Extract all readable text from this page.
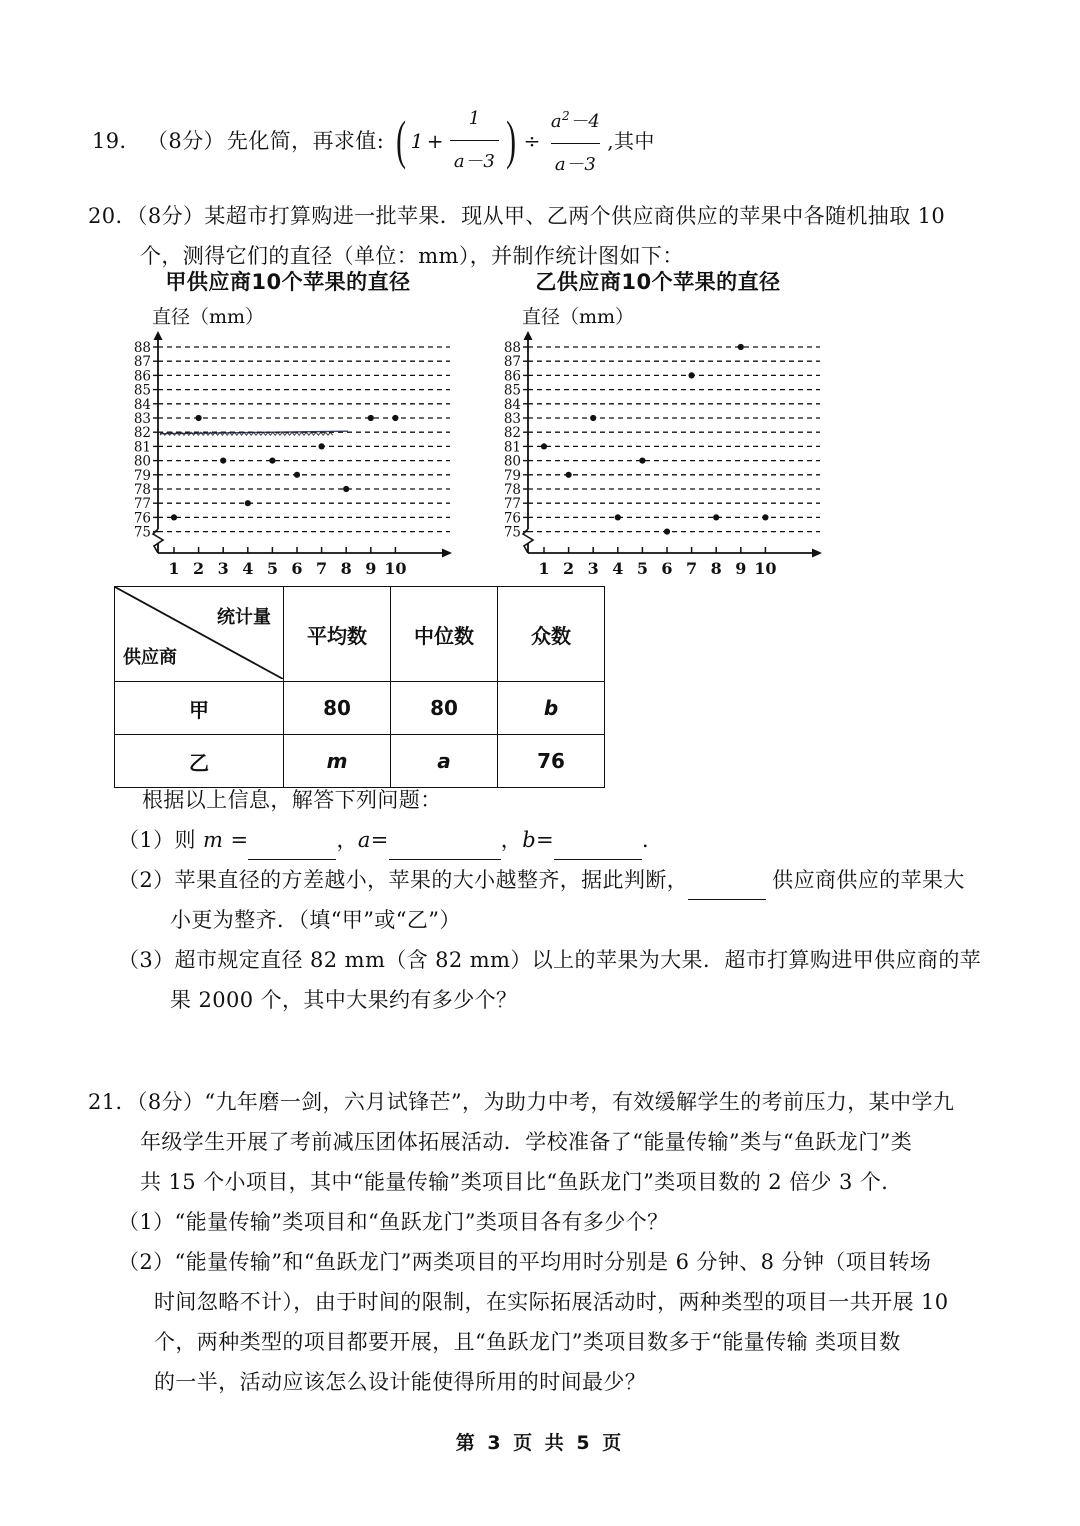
19． （8分） 先化简，再求值: ( $1 + \frac{1}{a-3}$ ) ÷ $\frac{a^2-4}{a-3}$ ,其中
20．（8分）某超市打算购进一批苹果．现从甲、乙两个供应商供应的苹果中各随机抽取 10
个，测得它们的直径（单位：mm），并制作统计图如下：
甲供应商10个苹果的直径
直径（mm）
88
87
86
85
84
83
82
81
80
79
78
77
76
75
1 2 3 4 5 6 7 8 9 10
乙供应商10个苹果的直径
直径（mm）
88
87
86
85
84
83
82
81
80
79
78
77
76
75
1 2 3 4 5 6 7 8 9 10
统计量
供应商	平均数	中位数	众数
甲	80	80	b
乙	m	a	76
根据以上信息，解答下列问题：
（1）则 m =	，a=	，b=	．
（2）苹果直径的方差越小，苹果的大小越整齐，据此判断，	供应商供应的苹果大
小更为整齐．（填“甲”或“乙”）
（3）超市规定直径 82 mm（含 82 mm）以上的苹果为大果．超市打算购进甲供应商的苹
果 2000 个，其中大果约有多少个？
21．（8分）“九年磨一剑，六月试锋芒”，为助力中考，有效缓解学生的考前压力，某中学九
年级学生开展了考前减压团体拓展活动．学校准备了“能量传输”类与“鱼跃龙门”类
共 15 个小项目，其中“能量传输”类项目比“鱼跃龙门”类项目数的 2 倍少 3 个．
（1）“能量传输”类项目和“鱼跃龙门”类项目各有多少个？
（2）“能量传输”和“鱼跃龙门”两类项目的平均用时分别是 6 分钟、8 分钟（项目转场
时间忽略不计），由于时间的限制，在实际拓展活动时，两种类型的项目一共开展 10
个，两种类型的项目都要开展，且“鱼跃龙门”类项目数多于“能量传输 类项目数
的一半，活动应该怎么设计能使得所用的时间最少？
第 3 页 共 5 页
